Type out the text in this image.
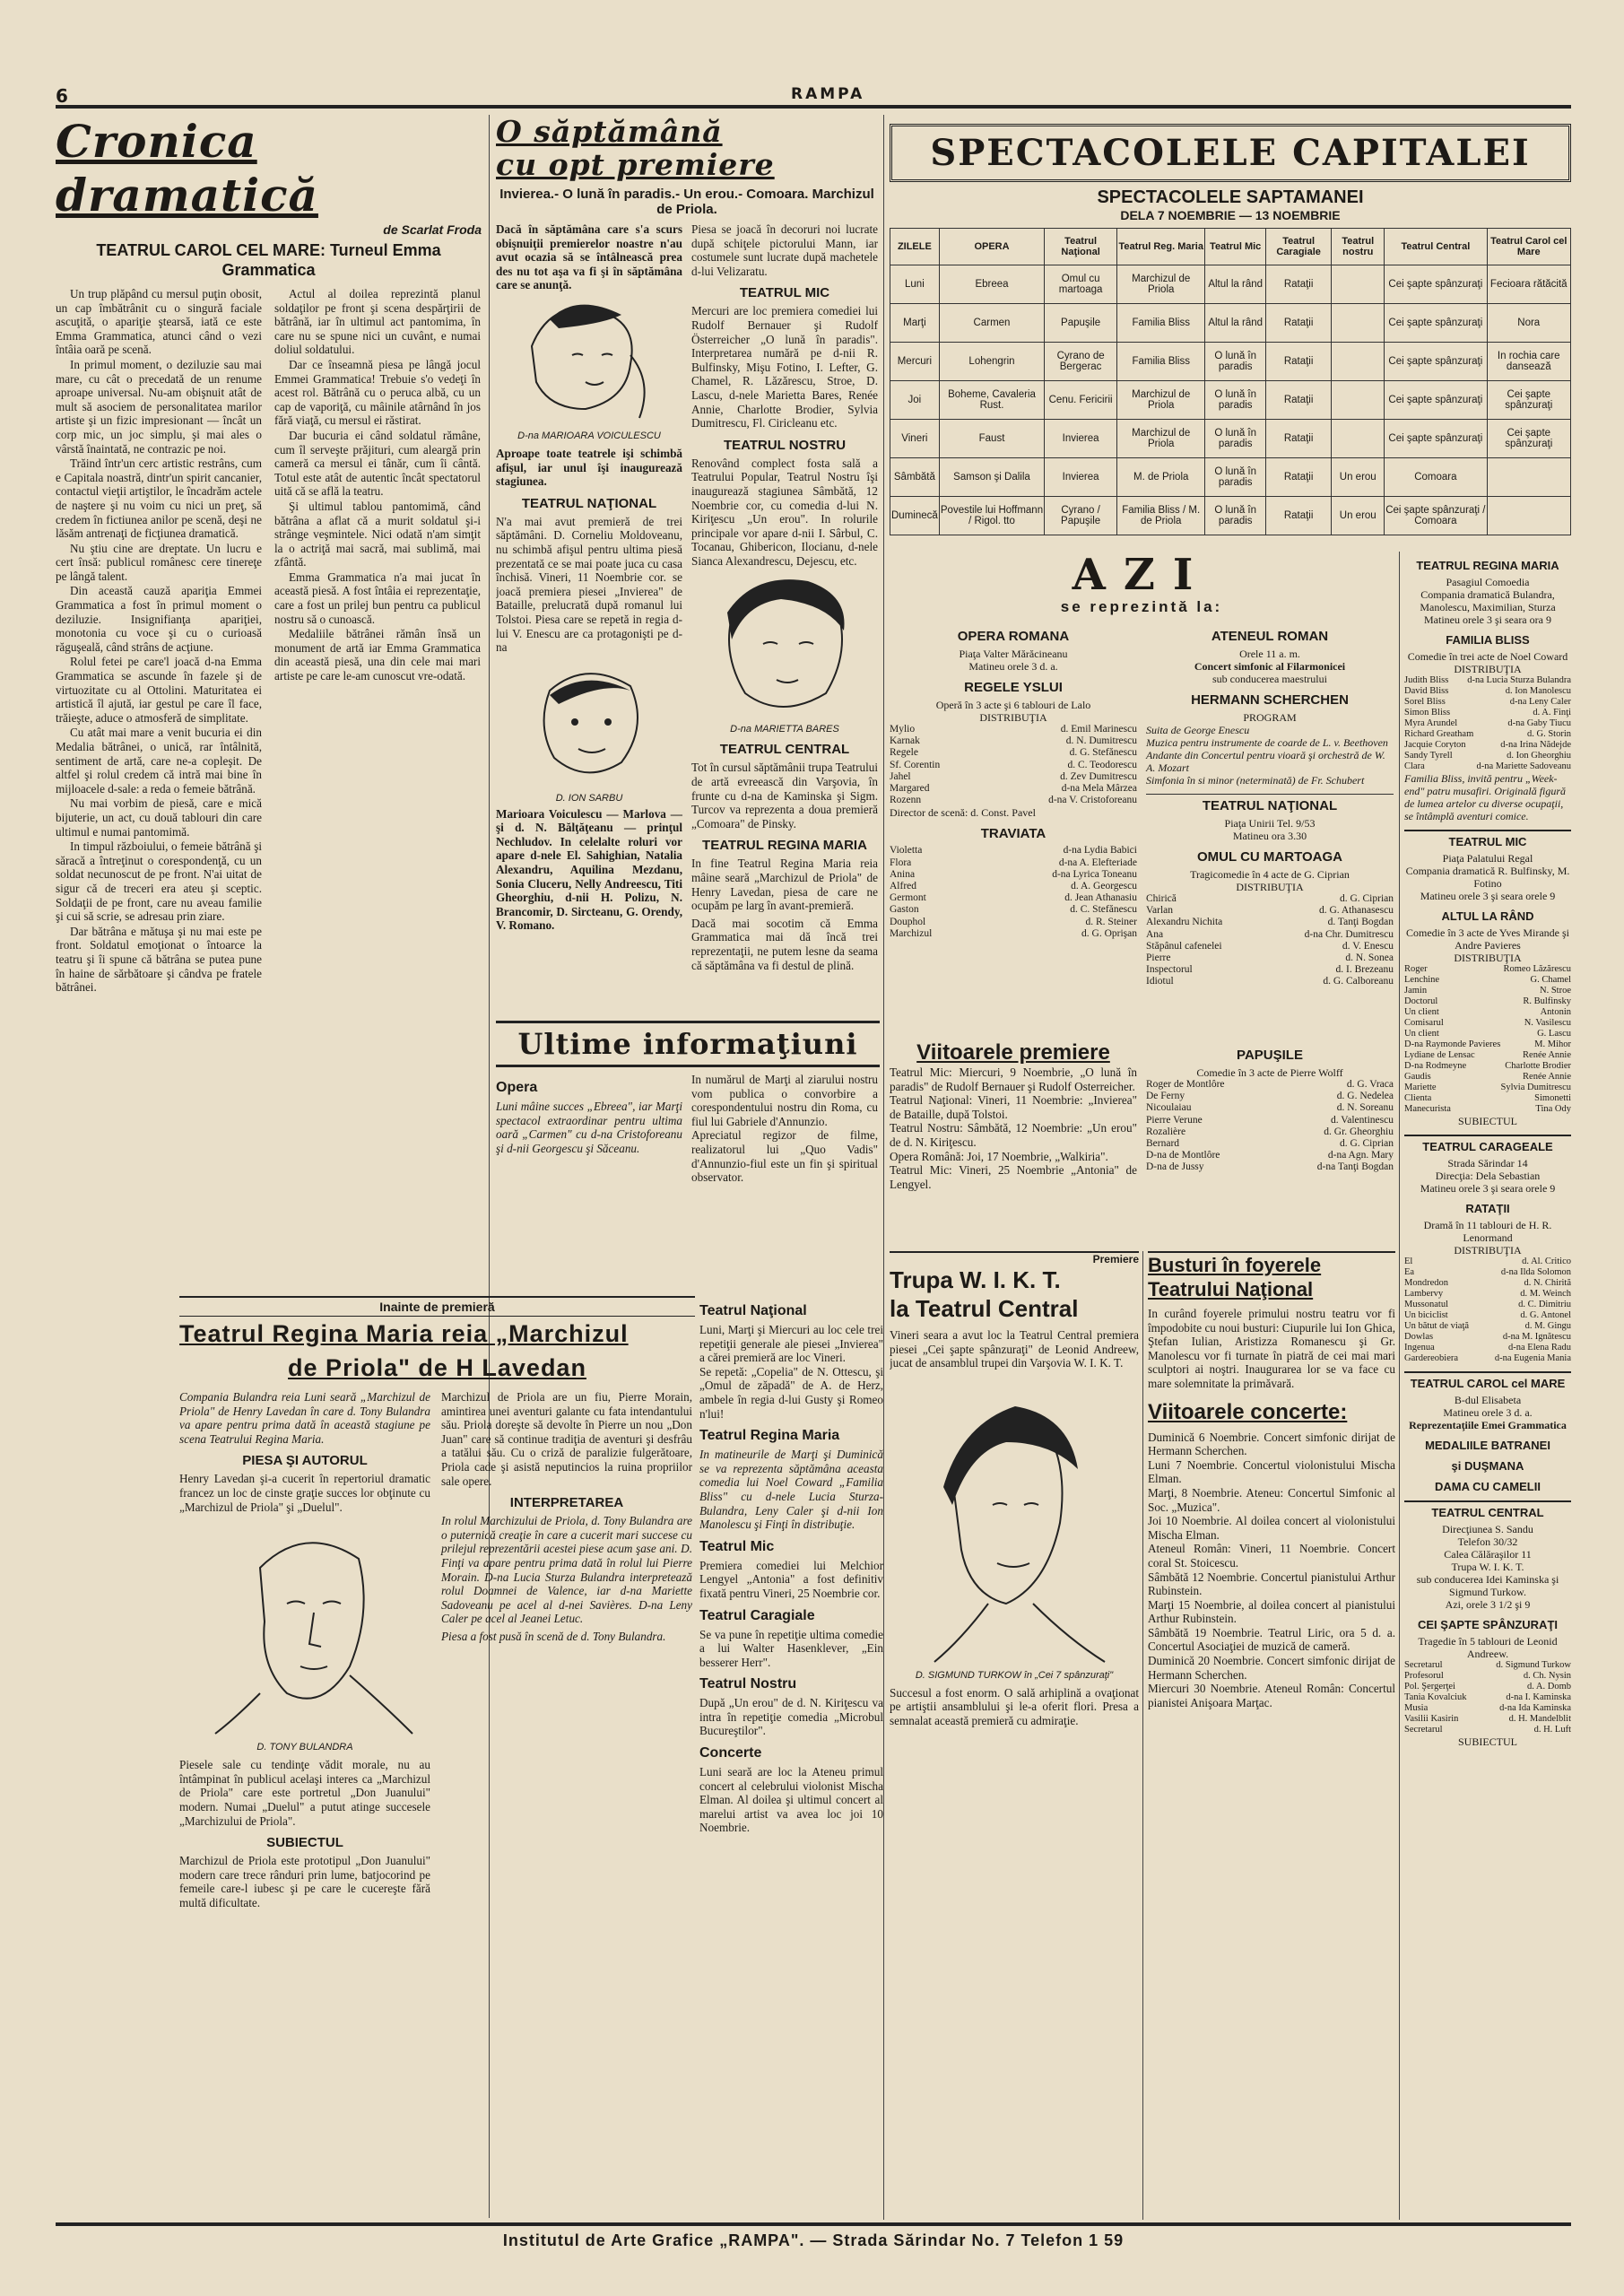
6	RAMPA
Cronica dramatică
de Scarlat Froda
TEATRUL CAROL CEL MARE: Turneul Emma Grammatica

Un trup plăpând cu mersul puţin obosit, un cap îmbătrânit cu o singură faciale ascuţită, o apariţie ştearsă, iată ce este Emma Grammatica, atunci când o vezi întâia oară pe scenă.

In primul moment, o deziluzie sau mai mare, cu cât o precedată de un renume aproape universal. Nu-am obişnuit atât de mult să asociem de personalitatea marilor artiste şi un fizic impresionant — încât un corp mic, un joc simplu, şi mai ales o vârstă înaintată, ne contrazic pe noi.

Trăind într'un cerc artistic restrâns, cum e Capitala noastră, dintr'un spirit cancanier, contactul vieţii artiştilor, le încadrăm actele de naştere şi nu voim cu nici un preţ, să credem în fictiunea anilor pe scenă, deşi ne lăsăm antrenaţi de ficţiunea dramatică.

Nu ştiu cine are dreptate. Un lucru e cert însă: publicul românesc cere tinereţe pe lângă talent.

Din această cauză apariţia Emmei Grammatica a fost în primul moment o deziluzie. Insignifianţa apariţiei, monotonia cu voce şi cu o curioasă răguşeală, când strâns de acţiune.

Rolul fetei pe care'l joacă d-na Emma Grammatica se ascunde în fazele şi de virtuozitate cu al Ottolini. Maturitatea ei artistică îl ajută, iar gestul pe care îl face, trăieşte, aduce o atmosferă de simplitate.

Cu atât mai mare a venit bucuria ei din Medalia bătrânei, o unică, rar întâlnită, sentiment de artă, care ne-a copleşit. De altfel şi rolul credem că intră mai bine în mijloacele d-sale: a reda o femeie bătrână.

Nu mai vorbim de piesă, care e mică bijuterie, un act, cu două tablouri din care ultimul e numai pantomimă.

In timpul războiului, o femeie bătrână şi săracă a întreţinut o corespondenţă, cu un soldat necunoscut de pe front. N'ai uitat de sigur că de treceri era ateu şi sceptic. Soldaţii de pe front, care nu aveau familie şi cui să scrie, se adresau prin ziare.

Dar bătrâna e mătuşa şi nu mai este pe front. Soldatul emoţionat o întoarce la teatru şi îi spune că bătrâna se putea pune în haine de sărbătoare şi cândva pe fratele bătrânei.

Actul al doilea reprezintă planul soldaţilor pe front şi scena despărţirii de bătrână, iar în ultimul act pantomima, în care nu se spune nici un cuvânt, e numai doliul soldatului.

Dar ce înseamnă piesa pe lângă jocul Emmei Grammatica! Trebuie s'o vedeţi în acest rol. Bătrână cu o peruca albă, cu un cap de vaporiţă, cu mâinile atârnând în jos fără viaţă, cu mersul ei răstirat.

Dar bucuria ei când soldatul rămâne, cum îl serveşte prăjituri, cum aleargă prin cameră ca mersul ei tânăr, cum îi cântă. Totul este atât de autentic încât spectatorul uită că se află la teatru.

Şi ultimul tablou pantomimă, când bătrâna a aflat că a murit soldatul şi-i strânge veşmintele. Nici odată n'am simţit la o actriţă mai sacră, mai sublimă, mai zfântă.

Emma Grammatica n'a mai jucat în această piesă. A fost întâia ei reprezentaţie, care a fost un prilej bun pentru ca publicul nostru să o cunoască.

Medaliile bătrânei rămân însă un monument de artă iar Emma Grammatica din această piesă, una din cele mai mari artiste pe care le-am cunoscut vre-odată.

O săptămână
cu opt premiere
Invierea.- O lună în paradis.- Un erou.- Comoara. Marchizul de Priola.
Dacă în săptămâna care s'a scurs obişnuiţii premierelor noastre n'au avut ocazia să se întâlnească prea des nu tot aşa va fi şi în săptămâna care se anunţă.
D-na MARIOARA VOICULESCU
Aproape toate teatrele işi schimbă afişul, iar unul îşi inaugurează stagiunea.
TEATRUL NAŢIONAL
N'a mai avut premieră de trei săptămâni. D. Corneliu Moldoveanu, nu schimbă afişul pentru ultima piesă prezentată ce se mai poate juca cu casa închisă. Vineri, 11 Noembrie cor. se joacă premiera piesei „Invierea" de Bataille, prelucrată după romanul lui Tolstoi. Piesa care se repetă in regia d-lui V. Enescu are ca protagonişti pe d-na
D. ION SARBU
Marioara Voiculescu — Marlova — şi d. N. Bălţăţeanu — prinţul Nechludov. In celelalte roluri vor apare d-nele El. Sahighian, Natalia Alexandru, Aquilina Mezdanu, Sonia Cluceru, Nelly Andreescu, Titi Gheorghiu, d-nii H. Polizu, N. Brancomir, D. Sircteanu, G. Orendy, V. Romano.
Piesa se joacă în decoruri noi lucrate după schiţele pictorului Mann, iar costumele sunt lucrate după machetele d-lui Velizaratu.
TEATRUL MIC
Mercuri are loc premiera comediei lui Rudolf Bernauer şi Rudolf Österreicher „O lună în paradis". Interpretarea numără pe d-nii R. Bulfinsky, Mişu Fotino, I. Lefter, G. Chamel, R. Lăzărescu, Stroe, D. Lascu, d-nele Marietta Bares, Renée Annie, Charlotte Brodier, Sylvia Dumitrescu, Fl. Ciricleanu etc.
TEATRUL NOSTRU
Renovând complect fosta sală a Teatrului Popular, Teatrul Nostru îşi inaugurează stagiunea Sâmbătă, 12 Noembrie cor, cu comedia d-lui N. Kiriţescu „Un erou". In rolurile principale vor apare d-nii I. Sârbul, C. Tocanau, Ghibericon, Ilocianu, d-nele Sianca Alexandrescu, Dejescu, etc.
D-na MARIETTA BARES
TEATRUL CENTRAL
Tot în cursul săptămânii trupa Teatrului de artă evreească din Varşovia, în frunte cu d-na de Kaminska şi Sigm. Turcov va reprezenta a doua premieră „Comoara" de Pinsky.
TEATRUL REGINA MARIA
In fine Teatrul Regina Maria reia mâine seară „Marchizul de Priola" de Henry Lavedan, piesa de care ne ocupăm pe larg în avant-premieră.
Dacă mai socotim că Emma Grammatica mai dă încă trei reprezentaţii, ne putem lesne da seama că săptămâna va fi destul de plină.
Ultime informaţiuni
Opera
Luni mâine succes „Ebreea", iar Marţi spectacol extraordinar pentru ultima oară „Carmen" cu d-na Cristoforeanu şi d-nii Georgescu şi Săceanu.
In numărul de Marţi al ziarului nostru vom publica o convorbire a corespondentului nostru din Roma, cu fiul lui Gabriele d'Annunzio.
Apreciatul regizor de filme, realizatorul lui „Quo Vadis" d'Annunzio-fiul este un fin şi spiritual observator.
Inainte de premieră
Teatrul Regina Maria reia „Marchizul
de Priola" de H Lavedan
Compania Bulandra reia Luni seară „Marchizul de Priola" de Henry Lavedan în care d. Tony Bulandra va apare pentru prima dată în această stagiune pe scena Teatrului Regina Maria.
PIESA ŞI AUTORUL
Henry Lavedan şi-a cucerit în repertoriul dramatic francez un loc de cinste graţie succes lor obţinute cu „Marchizul de Priola" şi „Duelul".
D. TONY BULANDRA
Piesele sale cu tendinţe vădit morale, nu au întâmpinat în publicul acelaşi interes ca „Marchizul de Priola" care este portretul „Don Juanului" modern. Numai „Duelul" a putut atinge succesele „Marchizului de Priola".
SUBIECTUL
Marchizul de Priola este prototipul „Don Juanului" modern care trece rânduri prin lume, batjocorind pe femeile care-l iubesc şi pe care le cucereşte fără multă dificultate.
Marchizul de Priola are un fiu, Pierre Morain, amintirea unei aventuri galante cu fata intendantului său. Priola doreşte să devolte în Pierre un nou „Don Juan" care să continue tradiţia de aventuri şi desfrâu a tatălui său. Cu o criză de paralizie fulgerătoare, Priola cade şi asistă neputincios la ruina propriilor sale opere.
INTERPRETAREA
In rolul Marchizului de Priola, d. Tony Bulandra are o puternică creaţie în care a cucerit mari succese cu prilejul reprezentării acestei piese acum şase ani. D. Finţi va apare pentru prima dată în rolul lui Pierre Morain. D-na Lucia Sturza Bulandra interpretează rolul Doamnei de Valence, iar d-na Mariette Sadoveanu pe acel al d-nei Savières. D-na Leny Caler pe acel al Jeanei Letuc.
Piesa a fost pusă în scenă de d. Tony Bulandra.
Teatrul Naţional
Luni, Marţi şi Miercuri au loc cele trei repetiţii generale ale piesei „Invierea" a cărei premieră are loc Vineri.
Se repetă: „Copelia" de N. Ottescu, şi „Omul de zăpadă" de A. de Herz, ambele în regia d-lui Gusty şi Romeo n'lui!
Teatrul Regina Maria
In matineurile de Marţi şi Duminică se va reprezenta săptămâna aceasta comedia lui Noel Coward „Familia Bliss" cu d-nele Lucia Sturza-Bulandra, Leny Caler şi d-nii Ion Manolescu şi Finţi în distribuţie.
Teatrul Mic
Premiera comediei lui Melchior Lengyel „Antonia" a fost definitiv fixată pentru Vineri, 25 Noembrie cor.
Teatrul Caragiale
Se va pune în repetiţie ultima comedie a lui Walter Hasenklever, „Ein besserer Herr".
Teatrul Nostru
După „Un erou" de d. N. Kiriţescu va intra în repetiţie comedia „Microbul Bucureştilor".
Concerte
Luni seară are loc la Ateneu primul concert al celebrului violonist Mischa Elman. Al doilea şi ultimul concert al marelui artist va avea loc joi 10 Noembrie.
SPECTACOLELE CAPITALEI
SPECTACOLELE SAPTAMANEI
DELA 7 NOEMBRIE — 13 NOEMBRIE
ZILELE	OPERA	Teatrul Naţional	Teatrul Reg. Maria	Teatrul Mic	Teatrul Caragiale	Teatrul nostru	Teatrul Central	Teatrul Carol cel Mare
Luni	Ebreea	Omul cu martoaga	Marchizul de Priola	Altul la rând	Rataţii		Cei şapte spânzuraţi	Fecioara rătăcită
Marţi	Carmen	Papuşile	Familia Bliss	Altul la rând	Rataţii		Cei şapte spânzuraţi	Nora
Mercuri	Lohengrin	Cyrano de Bergerac	Familia Bliss	O lună în paradis	Rataţii		Cei şapte spânzuraţi	In rochia care dansează
Joi	Boheme, Cavaleria Rust.	Cenu. Fericirii	Marchizul de Priola	O lună în paradis	Rataţii		Cei şapte spânzuraţi	Cei şapte spânzuraţi
Vineri	Faust	Invierea	Marchizul de Priola	O lună în paradis	Rataţii		Cei şapte spânzuraţi	Cei şapte spânzuraţi
Sâmbătă	Samson şi Dalila	Invierea	M. de Priola	O lună în paradis	Rataţii	Un erou	Comoara	
Duminecă	Povestile lui Hoffmann / Rigol. tto	Cyrano / Papuşile	Familia Bliss / M. de Priola	O lună în paradis	Rataţii	Un erou	Cei şapte spânzuraţi / Comoara	
AZI
se reprezintă la:
OPERA ROMANA
Piaţa Valter Mărăcineanu
Matineu orele 3 d. a.
REGELE YSLUI
Operă în 3 acte şi 6 tablouri de Lalo
DISTRIBUŢIA
Mylio	d. Emil Marinescu
Karnak	d. N. Dumitrescu
Regele	d. G. Stefănescu
Sf. Corentin	d. C. Teodorescu
Jahel	d. Zev Dumitrescu
Margared	d-na Mela Mârzea
Rozenn	d-na V. Cristoforeanu
Director de scenă: d. Const. Pavel
TRAVIATA
Violetta	d-na Lydia Babici
Flora	d-na A. Elefteriade
Anina	d-na Lyrica Toneanu
Alfred	d. A. Georgescu
Germont	d. Jean Athanasiu
Gaston	d. C. Stefănescu
Douphol	d. R. Steiner
Marchizul	d. G. Oprişan
ATENEUL ROMAN
Orele 11 a. m.
Concert simfonic al Filarmonicei
sub conducerea maestrului
HERMANN SCHERCHEN
PROGRAM
Suita de George Enescu
Muzica pentru instrumente de coarde de L. v. Beethoven
Andante din Concertul pentru vioară şi orchestră de W. A. Mozart
Simfonia în si minor (neterminată) de Fr. Schubert
TEATRUL NAŢIONAL
Piaţa Unirii Tel. 9/53
Matineu ora 3.30
OMUL CU MARTOAGA
Tragicomedie în 4 acte de G. Ciprian
DISTRIBUŢIA
Chirică	d. G. Ciprian
Varlan	d. G. Athanasescu
Alexandru Nichita	d. Tanţi Bogdan
Ana	d-na Chr. Dumitrescu
Stăpânul cafenelei	d. V. Enescu
Pierre	d. N. Sonea
Inspectorul	d. I. Brezeanu
Idiotul	d. G. Calboreanu
PAPUŞILE
Comedie în 3 acte de Pierre Wolff
Roger de Montlôre	d. G. Vraca
De Ferny	d. G. Nedelea
Nicoulaiau	d. N. Soreanu
Pierre Verune	d. Valentinescu
Rozalière	d. Gr. Gheorghiu
Bernard	d. G. Ciprian
D-na de Montlôre	d-na Agn. Mary
D-na de Jussy	d-na Tanţi Bogdan
Viitoarele premiere
Teatrul Mic: Miercuri, 9 Noembrie, „O lună în paradis" de Rudolf Bernauer şi Rudolf Osterreicher.
Teatrul Naţional: Vineri, 11 Noembrie: „Invierea" de Bataille, după Tolstoi.
Teatrul Nostru: Sâmbătă, 12 Noembrie: „Un erou" de d. N. Kiriţescu.
Opera Română: Joi, 17 Noembrie, „Walkiria".
Teatrul Mic: Vineri, 25 Noembrie „Antonia" de Lengyel.
Premiere
Trupa W. I. K. T.
la Teatrul Central
Vineri seara a avut loc la Teatrul Central premiera piesei „Cei şapte spânzuraţi" de Leonid Andreew, jucat de ansamblul trupei din Varşovia W. I. K. T.
D. SIGMUND TURKOW în „Cei 7 spânzuraţi"
Succesul a fost enorm. O sală arhiplină a ovaţionat pe artiştii ansamblului şi le-a oferit flori. Presa a semnalat această premieră cu admiraţie.
Busturi în foyerele
Teatrului Naţional
In curând foyerele primului nostru teatru vor fi împodobite cu noui busturi: Ciupurile lui Ion Ghica, Ştefan Iulian, Aristizza Romanescu şi Gr. Manolescu vor fi turnate în piatră de cei mai mari sculptori ai noştri. Inaugurarea lor se va face cu mare solemnitate la primăvară.
Viitoarele concerte:
Duminică 6 Noembrie. Concert simfonic dirijat de Hermann Scherchen.
Luni 7 Noembrie. Concertul violonistului Mischa Elman.
Marţi, 8 Noembrie. Ateneu: Concertul Simfonic al Soc. „Muzica".
Joi 10 Noembrie. Al doilea concert al violonistului Mischa Elman.
Ateneul Român: Vineri, 11 Noembrie. Concert coral St. Stoicescu.
Sâmbătă 12 Noembrie. Concertul pianistului Arthur Rubinstein.
Marţi 15 Noembrie, al doilea concert al pianistului Arthur Rubinstein.
Sâmbătă 19 Noembrie. Teatrul Liric, ora 5 d. a. Concertul Asociaţiei de muzică de cameră.
Duminică 20 Noembrie. Concert simfonic dirijat de Hermann Scherchen.
Miercuri 30 Noembrie. Ateneul Român: Concertul pianistei Anişoara Marţac.
TEATRUL REGINA MARIA
Pasagiul Comoedia
Compania dramatică Bulandra, Manolescu, Maximilian, Sturza
Matineu orele 3 şi seara ora 9
FAMILIA BLISS
Comedie în trei acte de Noel Coward
DISTRIBUŢIA
Judith Bliss d-na Lucia Sturza Bulandra
David Bliss	d. Ion Manolescu
Sorel Bliss	d-na Leny Caler
Simon Bliss	d. A. Finţi
Myra Arundel	d-na Gaby Tiucu
Richard Greatham	d. G. Storin
Jacquie Coryton	d-na Irina Nădejde
Sandy Tyrell	d. Ion Gheorghiu
Clara	d-na Mariette Sadoveanu
Familia Bliss, invită pentru „Week-end" patru musafiri. Originală figură de lumea artelor cu diverse ocupaţii, se întâmplă aventuri comice.
TEATRUL MIC
Piaţa Palatului Regal
Compania dramatică R. Bulfinsky, M. Fotino
Matineu orele 3 şi seara orele 9
ALTUL LA RÂND
Comedie în 3 acte de Yves Mirande şi Andre Pavieres
DISTRIBUŢIA
Roger	Romeo Lăzărescu
Lenchine	G. Chamel
Jamin	N. Stroe
Doctorul	R. Bulfinsky
Un client	Antonin
Comisarul	N. Vasilescu
Un client	G. Lascu
D-na Raymonde Pavieres	M. Mihor
Lydiane de Lensac	Renée Annie
D-na Rodmeyne	Charlotte Brodier
Gaudis	Renée Annie
Mariette	Sylvia Dumitrescu
Clienta	Simonetti
Manecurista	Tina Ody
SUBIECTUL
TEATRUL CARAGEALE
Strada Sărindar 14
Direcţia: Dela Sebastian
Matineu orele 3 şi seara orele 9
RATAŢII
Dramă în 11 tablouri de H. R. Lenormand
DISTRIBUŢIA
El	d. Al. Critico
Ea	d-na Ilda Solomon
Mondredon	d. N. Chirită
Lambervy	d. M. Weinch
Mussonatul	d. C. Dimitriu
Un biciclist	d. G. Antonel
Un bătut de viaţă	d. M. Gingu
Dowlas	d-na M. Ignătescu
Ingenua	d-na Elena Radu
Gardereobiera	d-na Eugenia Mania
TEATRUL CAROL cel MARE
B-dul Elisabeta
Matineu orele 3 d. a.
Reprezentaţiile Emei Grammatica
MEDALIILE BATRANEI
şi DUŞMANA
DAMA CU CAMELII
TEATRUL CENTRAL
Direcţiunea S. Sandu
Telefon 30/32
Calea Călăraşilor 11
Trupa W. I. K. T.
sub conducerea Idei Kaminska şi Sigmund Turkow.
Azi, orele 3 1/2 şi 9
CEI ŞAPTE SPÂNZURAŢI
Tragedie în 5 tablouri de Leonid Andreew.
Secretarul	d. Sigmund Turkow
Profesorul	d. Ch. Nysin
Pol. Şergerţei	d. A. Domb
Tania Kovalciuk	d-na I. Kaminska
Musia	d-na Ida Kaminska
Vasilii Kasirin	d. H. Mandelblit
Secretarul	d. H. Luft
SUBIECTUL
Institutul de Arte Grafice „RAMPA". — Strada Sărindar No. 7 Telefon 1 59
